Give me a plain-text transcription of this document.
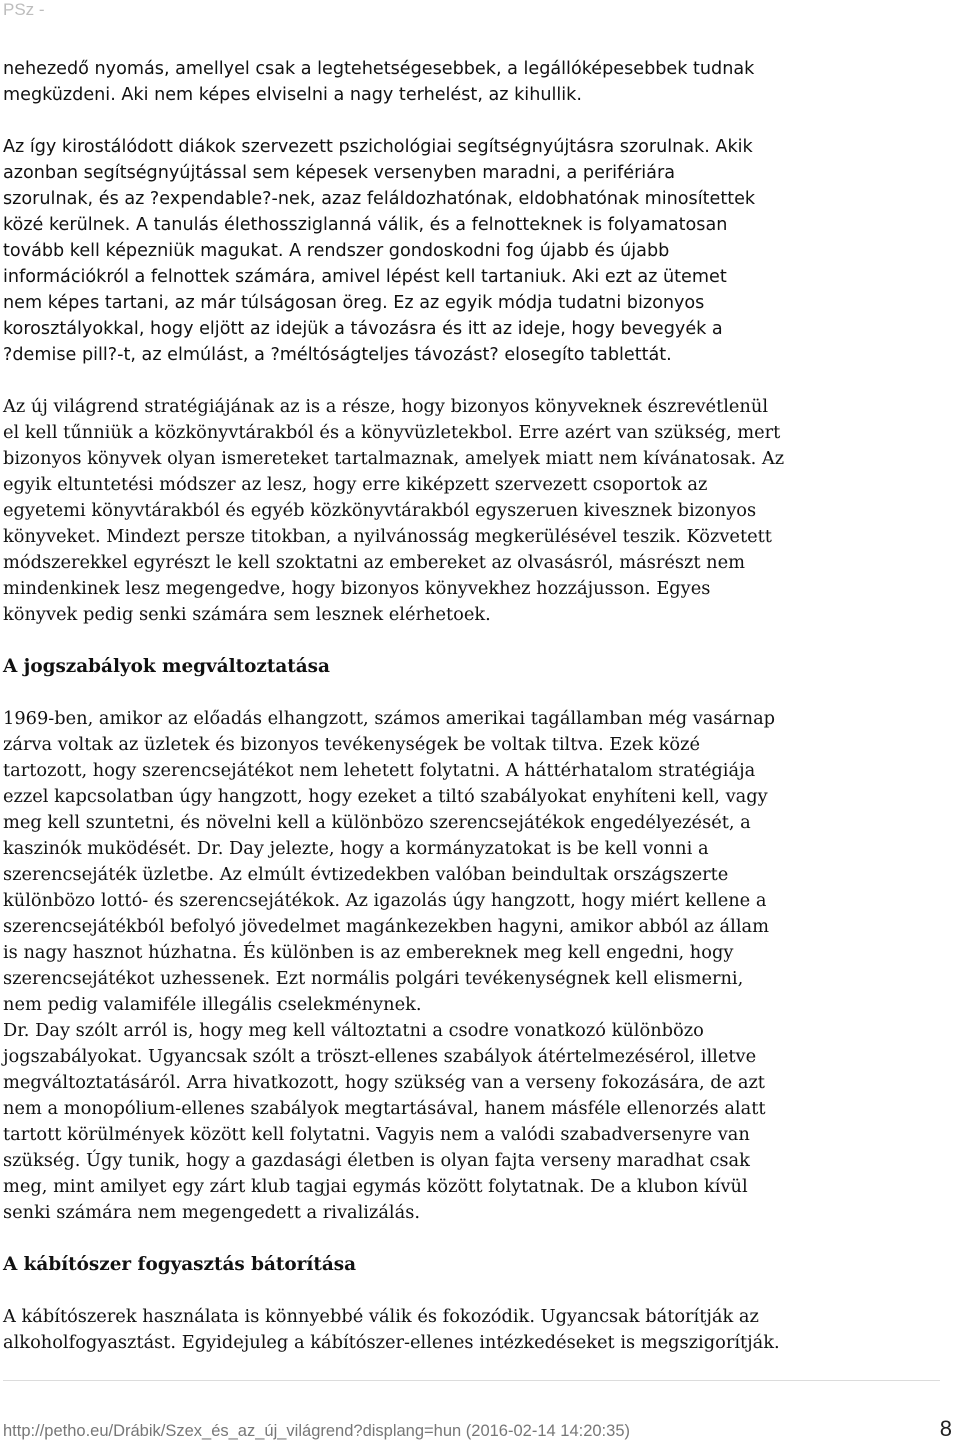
PSz -

nehezedő nyomás, amellyel csak a legtehetségesebbek, a legállóképesebbek tudnak
megküzdeni. Aki nem képes elviselni a nagy terhelést, az kihullik.

Az így kirostálódott diákok szervezett pszichológiai segítségnyújtásra szorulnak. Akik
azonban segítségnyújtással sem képesek versenyben maradni, a perifériára
szorulnak, és az ?expendable?-nek, azaz feláldozhatónak, eldobhatónak minosítettek
közé kerülnek. A tanulás élethossziglanná válik, és a felnotteknek is folyamatosan
tovább kell képezniük magukat. A rendszer gondoskodni fog újabb és újabb
információkról a felnottek számára, amivel lépést kell tartaniuk. Aki ezt az ütemet
nem képes tartani, az már túlságosan öreg. Ez az egyik módja tudatni bizonyos
korosztályokkal, hogy eljött az idejük a távozásra és itt az ideje, hogy bevegyék a
?demise pill?-t, az elmúlást, a ?méltóságteljes távozást? elosegíto tablettát.

Az új világrend stratégiájának az is a része, hogy bizonyos könyveknek észrevétlenül
el kell tűnniük a közkönyvtárakból és a könyvüzletekbol. Erre azért van szükség, mert
bizonyos könyvek olyan ismereteket tartalmaznak, amelyek miatt nem kívánatosak. Az
egyik eltuntetési módszer az lesz, hogy erre kiképzett szervezett csoportok az
egyetemi könyvtárakból és egyéb közkönyvtárakból egyszeruen kivesznek bizonyos
könyveket. Mindezt persze titokban, a nyilvánosság megkerülésével teszik. Közvetett
módszerekkel egyrészt le kell szoktatni az embereket az olvasásról, másrészt nem
mindenkinek lesz megengedve, hogy bizonyos könyvekhez hozzájusson. Egyes
könyvek pedig senki számára sem lesznek elérhetoek.

A jogszabályok megváltoztatása

1969-ben, amikor az előadás elhangzott, számos amerikai tagállamban még vasárnap
zárva voltak az üzletek és bizonyos tevékenységek be voltak tiltva. Ezek közé
tartozott, hogy szerencsejátékot nem lehetett folytatni. A háttérhatalom stratégiája
ezzel kapcsolatban úgy hangzott, hogy ezeket a tiltó szabályokat enyhíteni kell, vagy
meg kell szuntetni, és növelni kell a különbözo szerencsejátékok engedélyezését, a
kaszinók muködését. Dr. Day jelezte, hogy a kormányzatokat is be kell vonni a
szerencsejáték üzletbe. Az elmúlt évtizedekben valóban beindultak országszerte
különbözo lottó- és szerencsejátékok. Az igazolás úgy hangzott, hogy miért kellene a
szerencsejátékból befolyó jövedelmet magánkezekben hagyni, amikor abból az állam
is nagy hasznot húzhatna. És különben is az embereknek meg kell engedni, hogy
szerencsejátékot uzhessenek. Ezt normális polgári tevékenységnek kell elismerni,
nem pedig valamiféle illegális cselekménynek.
Dr. Day szólt arról is, hogy meg kell változtatni a csodre vonatkozó különbözo
jogszabályokat. Ugyancsak szólt a tröszt-ellenes szabályok átértelmezésérol, illetve
megváltoztatásáról. Arra hivatkozott, hogy szükség van a verseny fokozására, de azt
nem a monopólium-ellenes szabályok megtartásával, hanem másféle ellenorzés alatt
tartott körülmények között kell folytatni. Vagyis nem a valódi szabadversenyre van
szükség. Úgy tunik, hogy a gazdasági életben is olyan fajta verseny maradhat csak
meg, mint amilyet egy zárt klub tagjai egymás között folytatnak. De a klubon kívül
senki számára nem megengedett a rivalizálás.

A kábítószer fogyasztás bátorítása

A kábítószerek használata is könnyebbé válik és fokozódik. Ugyancsak bátorítják az
alkoholfogyasztást. Egyidejuleg a kábítószer-ellenes intézkedéseket is megszigorítják.

http://petho.eu/Drábik/Szex_és_az_új_világrend?displang=hun (2016-02-14 14:20:35)	8
